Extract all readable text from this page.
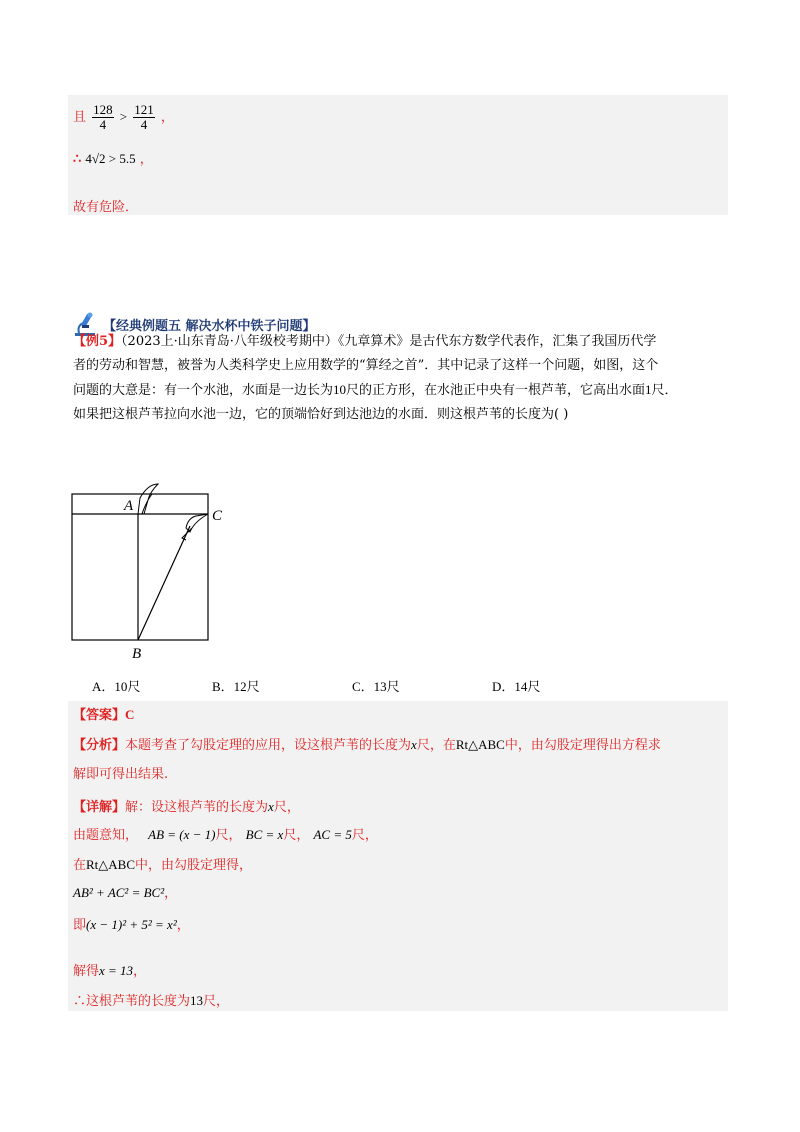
且 $\frac{128}{4} > \frac{121}{4}$ ，
∴ 4√2 > 5.5 ，
故有危险．
【经典例题五 解决水杯中铁子问题】
【例5】（2023上·山东青岛·八年级校考期中）《九章算术》是古代东方数学代表作，汇集了我国历代学
者的劳动和智慧，被誉为人类科学史上应用数学的“算经之首”．其中记录了这样一个问题，如图，这个
问题的大意是：有一个水池，水面是一边长为10尺的正方形，在水池正中央有一根芦苇，它高出水面1尺．
如果把这根芦苇拉向水池一边，它的顶端恰好到达池边的水面．则这根芦苇的长度为( )
A
C
B
A．10尺	B．12尺	C．13尺	D．14尺
【答案】C
【分析】本题考查了勾股定理的应用，设这根芦苇的长度为x尺，在Rt△ABC中，由勾股定理得出方程求
解即可得出结果.
【详解】解：设这根芦苇的长度为x尺，
由题意知， AB = (x − 1)尺， BC = x尺， AC = 5尺，
在Rt△ABC中，由勾股定理得，
AB² + AC² = BC²，
即(x − 1)² + 5² = x²，
解得x = 13，
∴这根芦苇的长度为13尺，
